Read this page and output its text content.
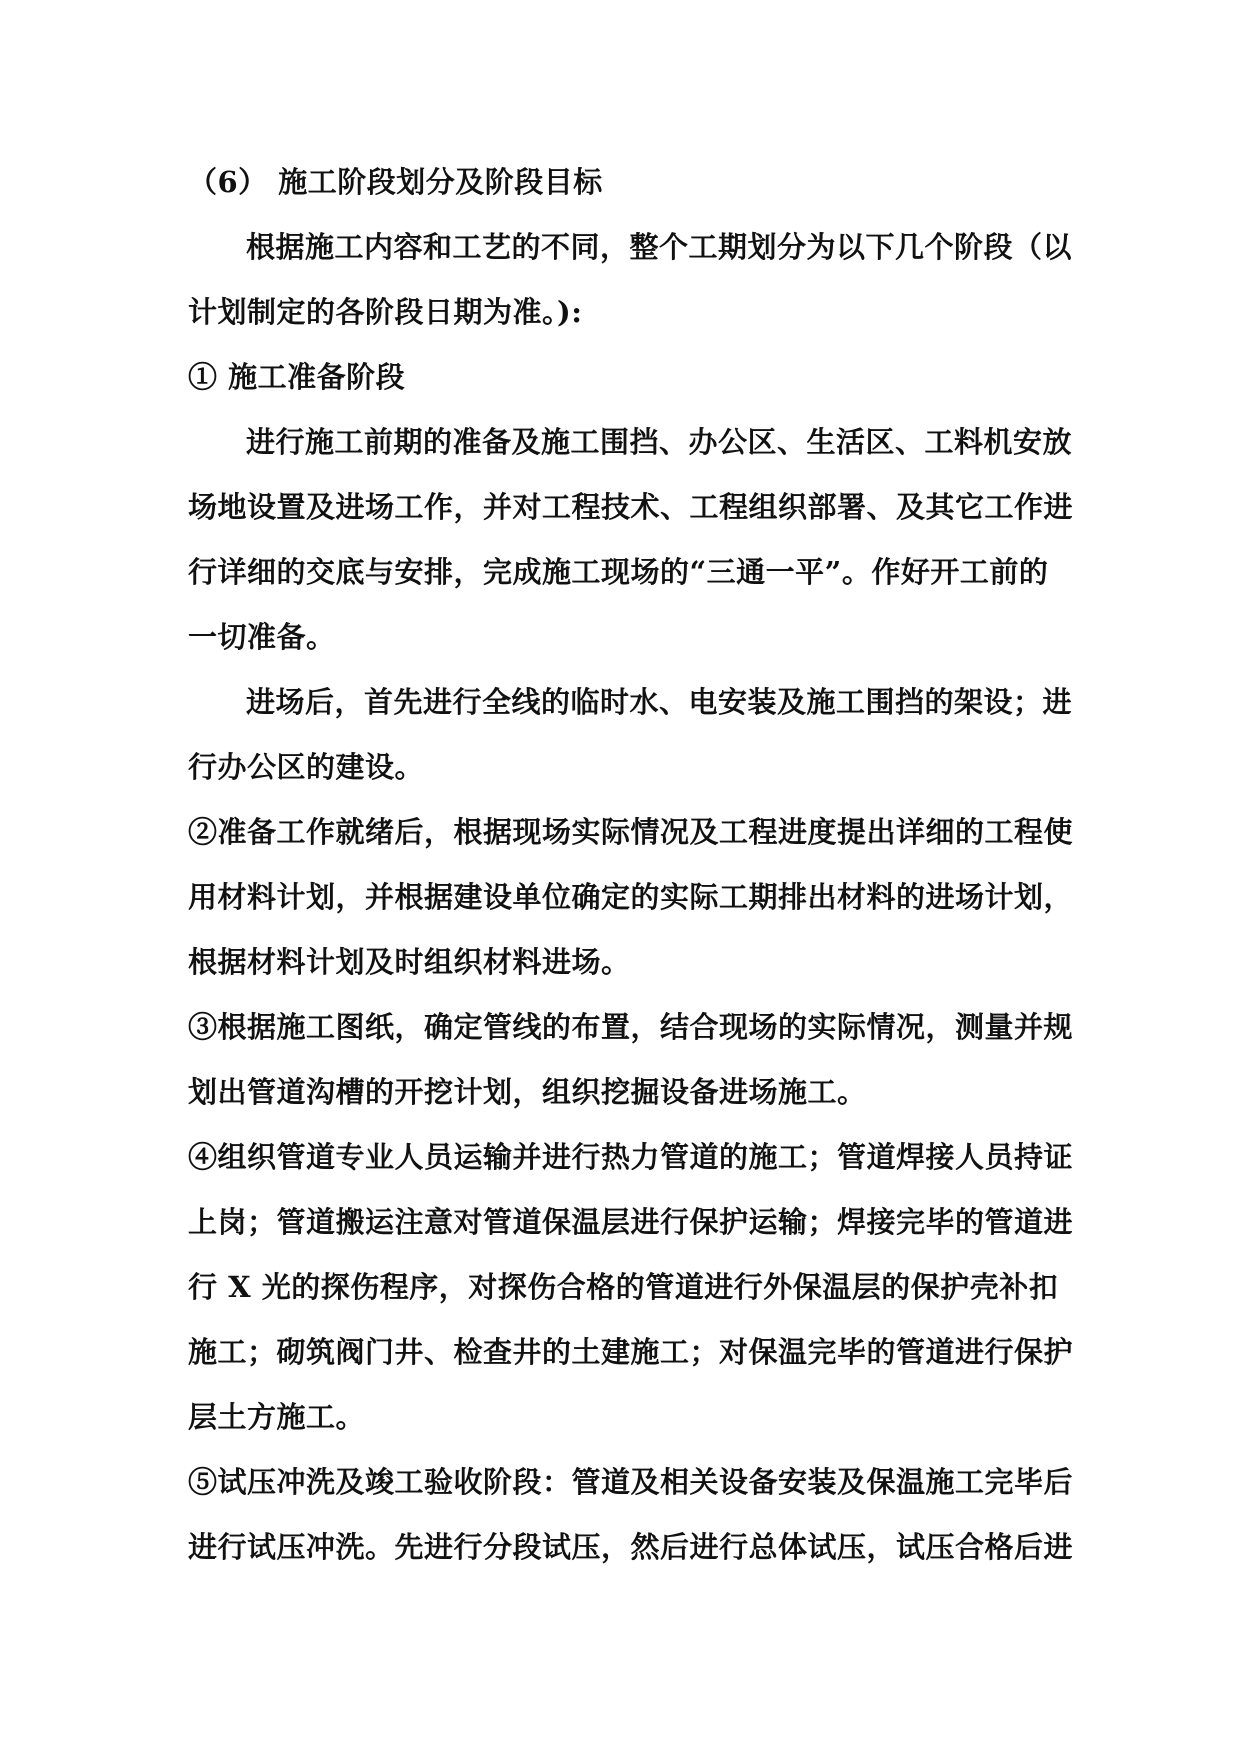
（6） 施工阶段划分及阶段目标
根据施工内容和工艺的不同，整个工期划分为以下几个阶段（以
计划制定的各阶段日期为准。):
① 施工准备阶段
进行施工前期的准备及施工围挡、办公区、生活区、工料机安放
场地设置及进场工作，并对工程技术、工程组织部署、及其它工作进
行详细的交底与安排，完成施工现场的“三通一平”。作好开工前的
一切准备。
进场后，首先进行全线的临时水、电安装及施工围挡的架设；进
行办公区的建设。
②准备工作就绪后，根据现场实际情况及工程进度提出详细的工程使
用材料计划，并根据建设单位确定的实际工期排出材料的进场计划，
根据材料计划及时组织材料进场。
③根据施工图纸，确定管线的布置，结合现场的实际情况，测量并规
划出管道沟槽的开挖计划，组织挖掘设备进场施工。
④组织管道专业人员运输并进行热力管道的施工；管道焊接人员持证
上岗；管道搬运注意对管道保温层进行保护运输；焊接完毕的管道进
行 X 光的探伤程序，对探伤合格的管道进行外保温层的保护壳补扣
施工；砌筑阀门井、检查井的土建施工；对保温完毕的管道进行保护
层土方施工。
⑤试压冲洗及竣工验收阶段：管道及相关设备安装及保温施工完毕后
进行试压冲洗。先进行分段试压，然后进行总体试压，试压合格后进
